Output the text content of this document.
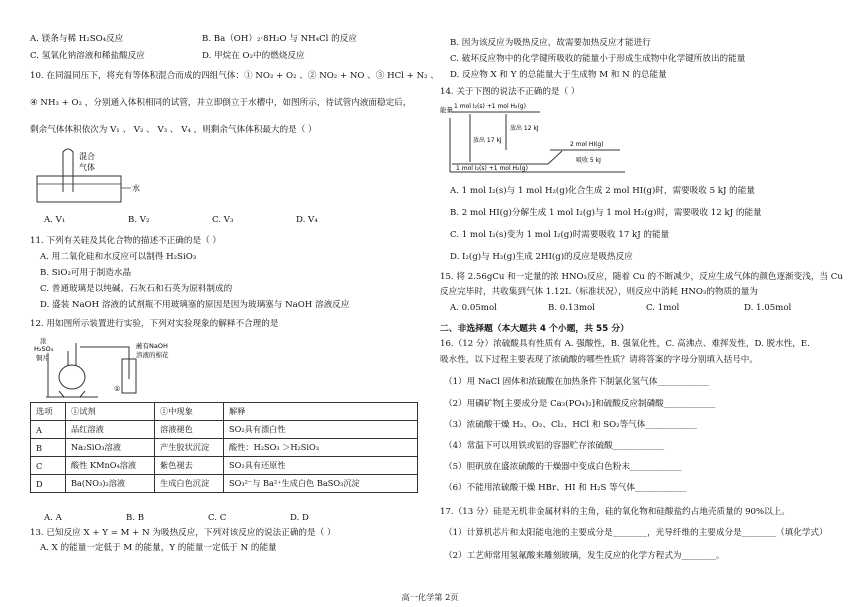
A. 镁条与稀 H₂SO₄反应	B. Ba（OH）₂·8H₂O 与 NH₄Cl 的反应
C. 氢氧化钠溶液和稀盐酸反应	D. 甲烷在 O₂中的燃烧反应
10. 在同温同压下，将充有等体积混合而成的四组气体：① NO₂ + O₂ 、② NO₂ + NO 、③ HCl + N₂ 、
④ NH₃ + O₂ ，分别通入体积相同的试管，并立即倒立于水槽中，如图所示，待试管内液面稳定后，
剩余气体体积依次为 V₁ 、 V₂ 、 V₃ 、 V₄ ，则剩余气体体积最大的是（ ）
混合
气体
水
A. V₁	B. V₂	C. V₃	D. V₄
11. 下列有关硅及其化合物的描述不正确的是（ ）
A. 用二氧化硅和水反应可以制得 H₂SiO₃
B. SiO₂可用于制造水晶
C. 普通玻璃是以纯碱、石灰石和石英为原料制成的
D. 盛装 NaOH 溶液的试剂瓶不用玻璃塞的原因是因为玻璃塞与 NaOH 溶液反应
12. 用如图所示装置进行实验，下列对实验现象的解释不合理的是
浓
H₂SO₄
铜片
①
蘸有NaOH
溶液的棉花
选项	①试剂	①中现象	解释
A	品红溶液	溶液褪色	SO₂具有漂白性
B	Na₂SiO₃溶液	产生胶状沉淀	酸性：H₂SO₃ ＞H₂SiO₃
C	酸性 KMnO₄溶液	紫色褪去	SO₂具有还原性
D	Ba(NO₃)₂溶液	生成白色沉淀	SO₃²⁻与 Ba²⁺生成白色 BaSO₃沉淀
A. A	B. B	C. C	D. D
13. 已知反应 X + Y = M + N 为吸热反应，下列对该反应的说法正确的是（ ）
A. X 的能量一定低于 M 的能量，Y 的能量一定低于 N 的能量
B. 因为该反应为吸热反应，故需要加热反应才能进行
C. 破坏反应物中的化学键所吸收的能量小于形成生成物中化学键所放出的能量
D. 反应物 X 和 Y 的总能量大于生成物 M 和 N 的总能量
14. 关于下图的说法不正确的是（ ）
能量 1 mol I₂(s) +1 mol H₂(g)
放出 17 kJ
放出 12 kJ
2 mol HI(g)
1 mol I₂(s) +1 mol H₂(g)
吸收 5 kJ
A. 1 mol I₂(s)与 1 mol H₂(g)化合生成 2 mol HI(g)时，需要吸收 5 kJ 的能量
B. 2 mol HI(g)分解生成 1 mol I₂(g)与 1 mol H₂(g)时，需要吸收 12 kJ 的能量
C. 1 mol I₂(s)变为 1 mol I₂(g)时需要吸收 17 kJ 的能量
D. I₂(g)与 H₂(g)生成 2HI(g)的反应是吸热反应
15. 将 2.56gCu 和一定量的浓 HNO₃反应，随着 Cu 的不断减少，反应生成气体的颜色逐渐变浅，当 Cu
反应完毕时，共收集到气体 1.12L（标准状况），则反应中消耗 HNO₃的物质的量为
A. 0.05mol	B. 0.13mol	C. 1mol	D. 1.05mol
二、非选择题（本大题共 4 个小题，共 55 分）
16.（12 分）浓硫酸具有性质有 A. 强酸性，B. 强氧化性，C. 高沸点、难挥发性，D. 脱水性，E.
吸水性，以下过程主要表现了浓硫酸的哪些性质？请将答案的字母分别填入括号中。
（1）用 NaCl 固体和浓硫酸在加热条件下制氯化氢气体____________
（2）用磷矿物[主要成分是 Ca₃(PO₄)₂]和硫酸反应制磷酸____________
（3）浓硫酸干燥 H₂、O₂、Cl₂、HCl 和 SO₂等气体____________
（4）常温下可以用铁或铝的容器贮存浓硫酸____________
（5）胆矾放在盛浓硫酸的干燥器中变成白色粉末____________
（6）不能用浓硫酸干燥 HBr、HI 和 H₂S 等气体____________
17.（13 分）硅是无机非金属材料的主角，硅的氧化物和硅酸盐约占地壳质量的 90%以上。
（1）计算机芯片和太阳能电池的主要成分是________，光导纤维的主要成分是________（填化学式）
（2）工艺师常用氢氟酸来雕刻玻璃，发生反应的化学方程式为________。
高一化学第 2页
